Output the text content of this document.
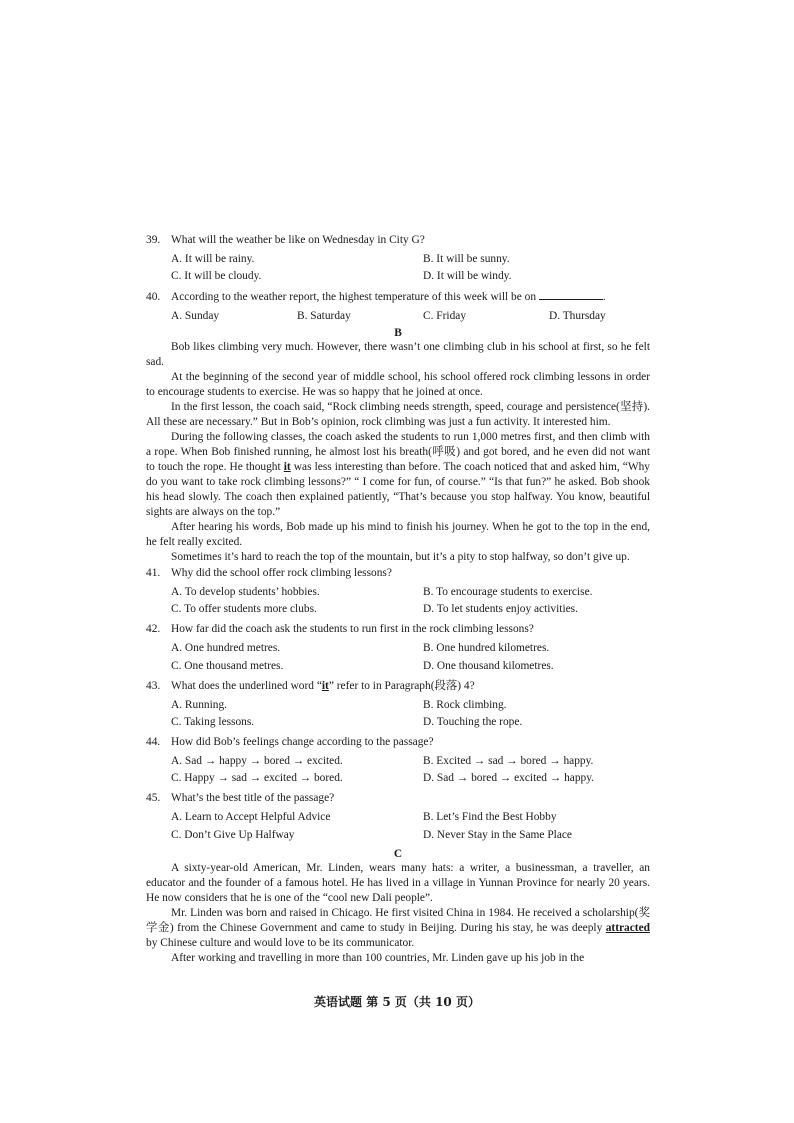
39. What will the weather be like on Wednesday in City G?
A. It will be rainy.	B. It will be sunny.
C. It will be cloudy.	D. It will be windy.
40. According to the weather report, the highest temperature of this week will be on	.
A. Sunday	B. Saturday	C. Friday	D. Thursday
B

Bob likes climbing very much. However, there wasn’t one climbing club in his school at first, so he felt sad.

At the beginning of the second year of middle school, his school offered rock climbing lessons in order to encourage students to exercise. He was so happy that he joined at once.

In the first lesson, the coach said, “Rock climbing needs strength, speed, courage and persistence(坚持). All these are necessary.” But in Bob’s opinion, rock climbing was just a fun activity. It interested him.

During the following classes, the coach asked the students to run 1,000 metres first, and then climb with a rope. When Bob finished running, he almost lost his breath(呼吸) and got bored, and he even did not want to touch the rope. He thought it was less interesting than before. The coach noticed that and asked him, “Why do you want to take rock climbing lessons?” “ I come for fun, of course.” “Is that fun?” he asked. Bob shook his head slowly. The coach then explained patiently, “That’s because you stop halfway. You know, beautiful sights are always on the top.”

After hearing his words, Bob made up his mind to finish his journey. When he got to the top in the end, he felt really excited.

Sometimes it’s hard to reach the top of the mountain, but it’s a pity to stop halfway, so don’t give up.

41. Why did the school offer rock climbing lessons?
A. To develop students’ hobbies.	B. To encourage students to exercise.
C. To offer students more clubs.	D. To let students enjoy activities.
42. How far did the coach ask the students to run first in the rock climbing lessons?
A. One hundred metres.	B. One hundred kilometres.
C. One thousand metres.	D. One thousand kilometres.
43. What does the underlined word “it” refer to in Paragraph(段落) 4?
A. Running.	B. Rock climbing.
C. Taking lessons.	D. Touching the rope.
44. How did Bob’s feelings change according to the passage?
A. Sad → happy → bored → excited.	B. Excited → sad → bored → happy.
C. Happy → sad → excited → bored.	D. Sad → bored → excited → happy.
45. What’s the best title of the passage?
A. Learn to Accept Helpful Advice	B. Let’s Find the Best Hobby
C. Don’t Give Up Halfway	D. Never Stay in the Same Place
C

A sixty-year-old American, Mr. Linden, wears many hats: a writer, a businessman, a traveller, an educator and the founder of a famous hotel. He has lived in a village in Yunnan Province for nearly 20 years. He now considers that he is one of the “cool new Dali people”.

Mr. Linden was born and raised in Chicago. He first visited China in 1984. He received a scholarship(奖学金) from the Chinese Government and came to study in Beijing. During his stay, he was deeply attracted by Chinese culture and would love to be its communicator.

After working and travelling in more than 100 countries, Mr. Linden gave up his job in the

英语试题 第 5 页（共 10 页）
